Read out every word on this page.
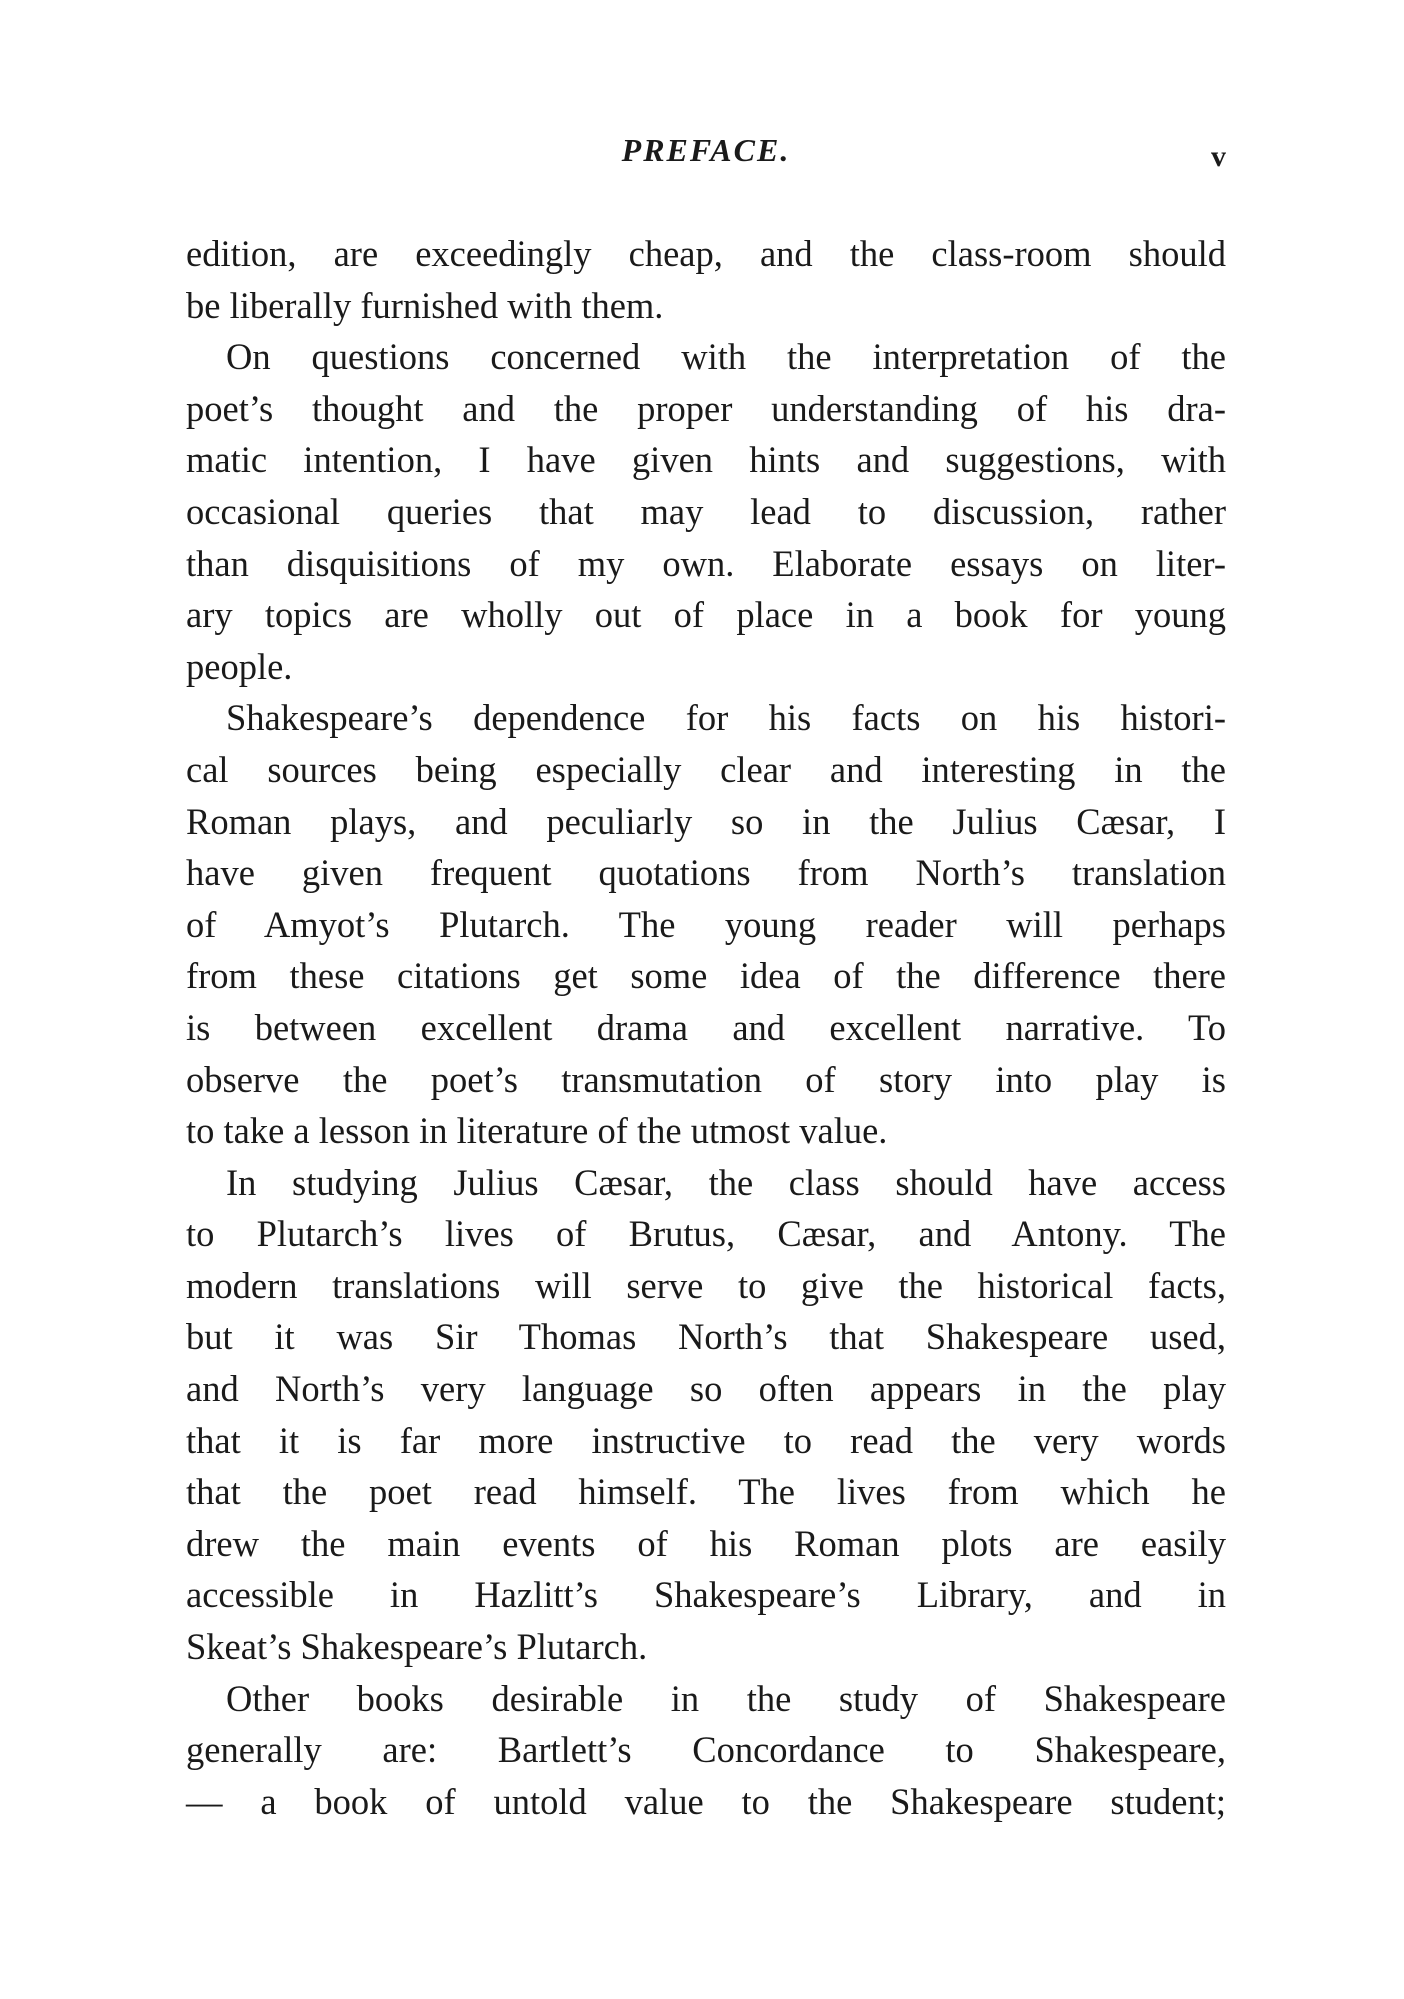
PREFACE.	v
edition, are exceedingly cheap, and the class-room should
be liberally furnished with them.
On questions concerned with the interpretation of the
poet’s thought and the proper understanding of his dra-
matic intention, I have given hints and suggestions, with
occasional queries that may lead to discussion, rather
than disquisitions of my own. Elaborate essays on liter-
ary topics are wholly out of place in a book for young
people.
Shakespeare’s dependence for his facts on his histori-
cal sources being especially clear and interesting in the
Roman plays, and peculiarly so in the Julius Cæsar, I
have given frequent quotations from North’s translation
of Amyot’s Plutarch. The young reader will perhaps
from these citations get some idea of the difference there
is between excellent drama and excellent narrative. To
observe the poet’s transmutation of story into play is
to take a lesson in literature of the utmost value.
In studying Julius Cæsar, the class should have access
to Plutarch’s lives of Brutus, Cæsar, and Antony. The
modern translations will serve to give the historical facts,
but it was Sir Thomas North’s that Shakespeare used,
and North’s very language so often appears in the play
that it is far more instructive to read the very words
that the poet read himself. The lives from which he
drew the main events of his Roman plots are easily
accessible in Hazlitt’s Shakespeare’s Library, and in
Skeat’s Shakespeare’s Plutarch.
Other books desirable in the study of Shakespeare
generally are: Bartlett’s Concordance to Shakespeare,
— a book of untold value to the Shakespeare student;
